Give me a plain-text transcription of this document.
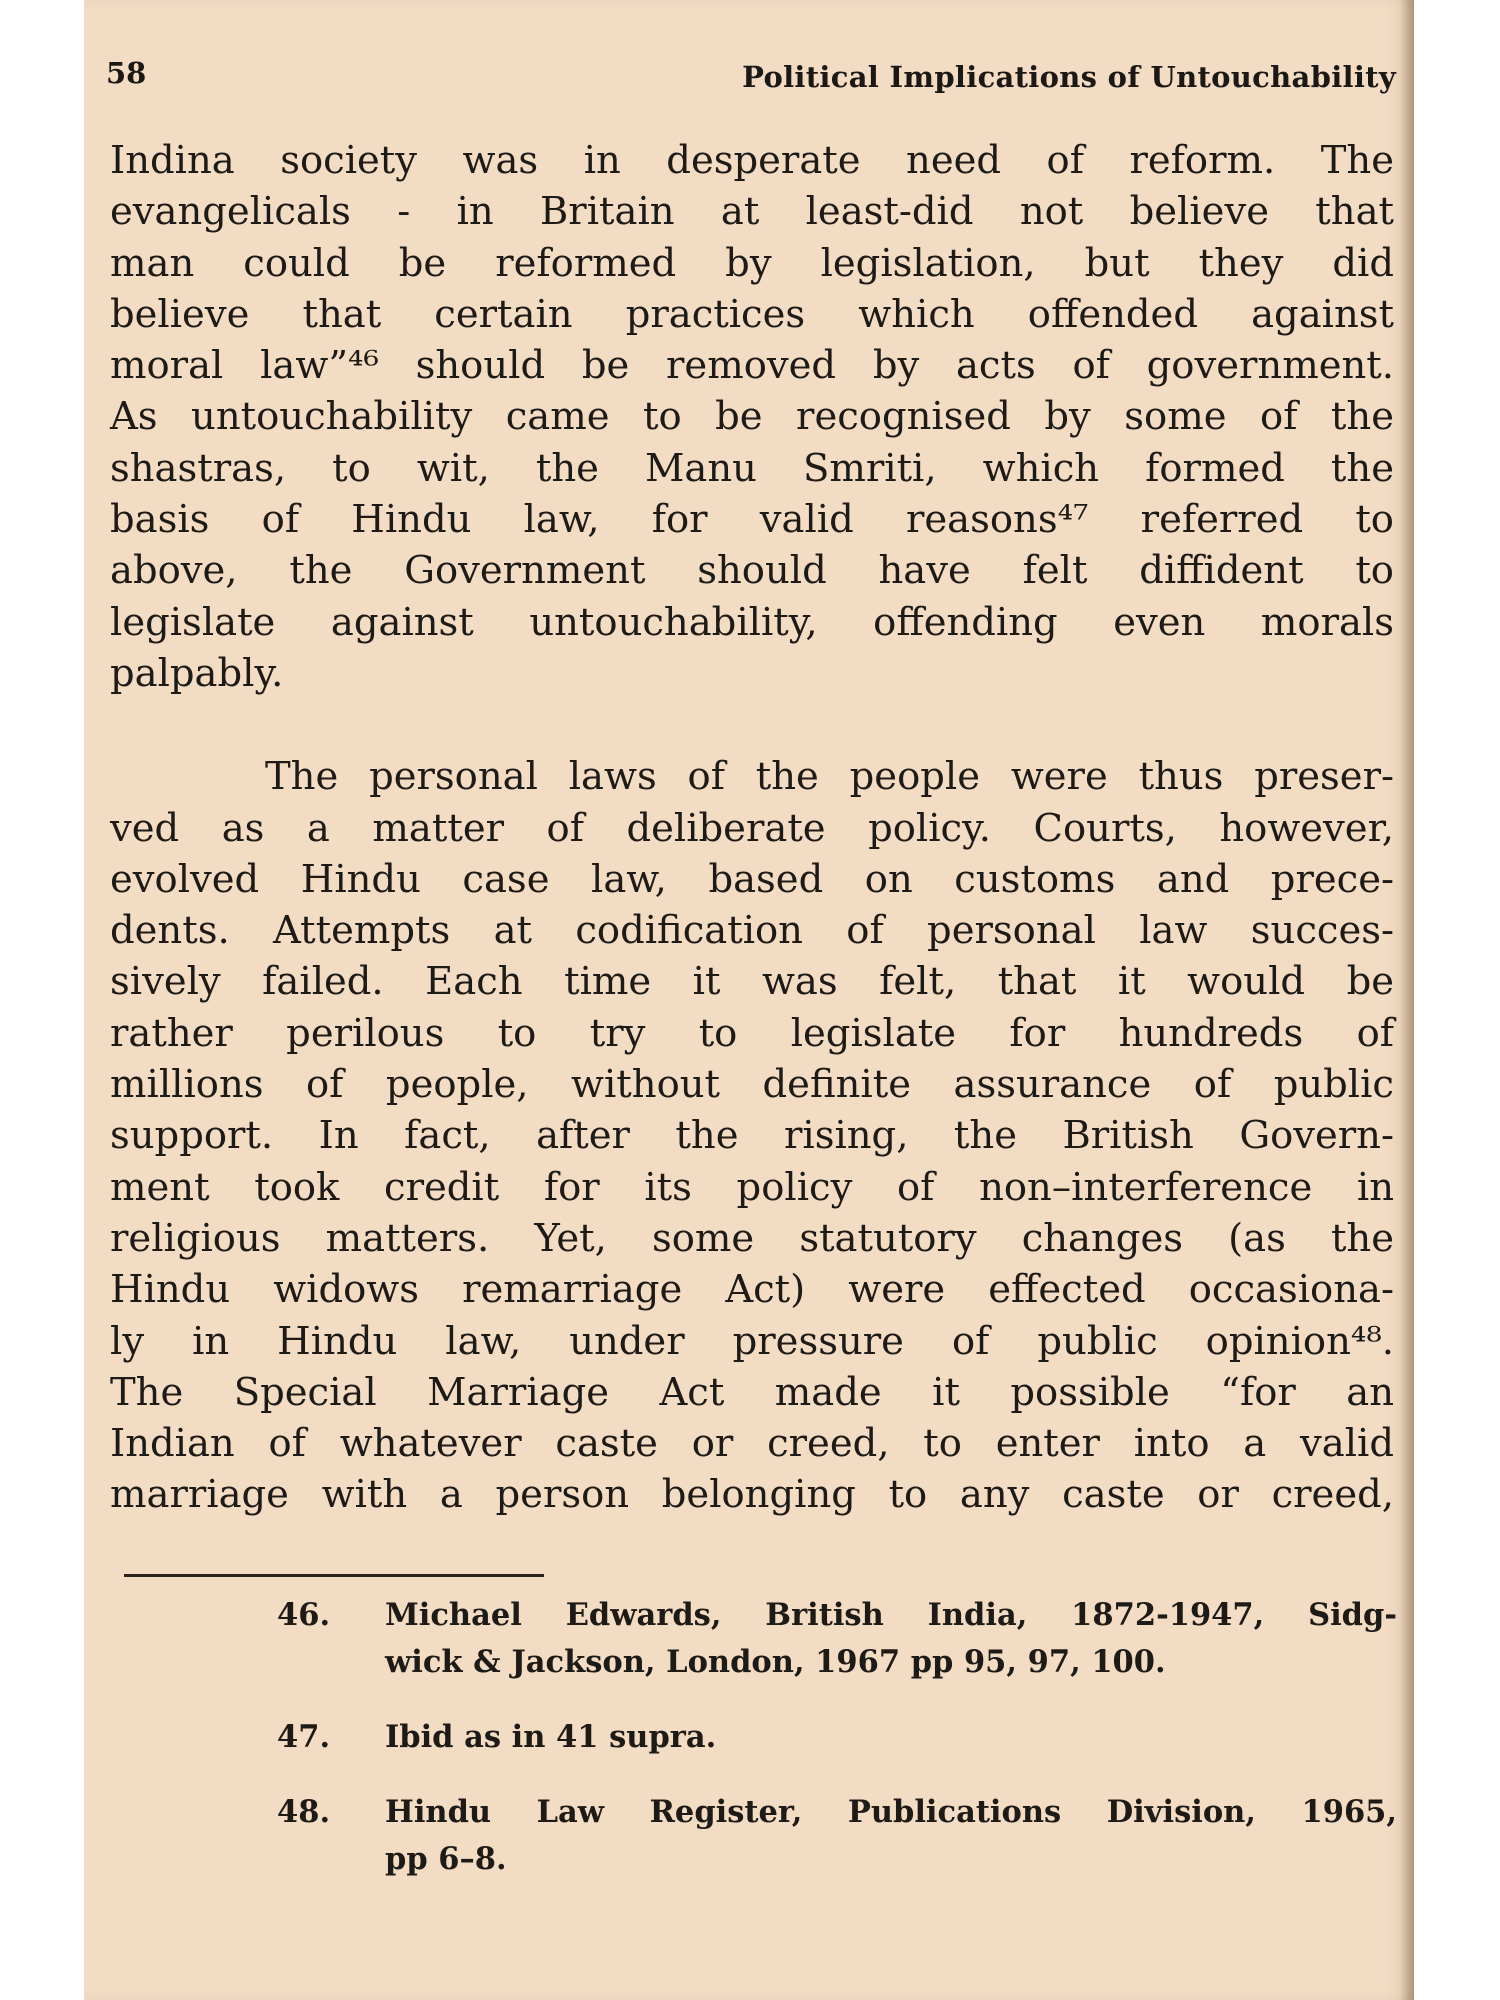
58	Political Implications of Untouchability

Indina society was in desperate need of reform. The
evangelicals - in Britain at least-did not believe that
man could be reformed by legislation, but they did
believe that certain practices which offended against
moral law”⁴⁶ should be removed by acts of government.
As untouchability came to be recognised by some of the
shastras, to wit, the Manu Smriti, which formed the
basis of Hindu law, for valid reasons⁴⁷ referred to
above, the Government should have felt diffident to
legislate against untouchability, offending even morals
palpably.

The personal laws of the people were thus preser-
ved as a matter of deliberate policy. Courts, however,
evolved Hindu case law, based on customs and prece-
dents. Attempts at codification of personal law succes-
sively failed. Each time it was felt, that it would be
rather perilous to try to legislate for hundreds of
millions of people, without definite assurance of public
support. In fact, after the rising, the British Govern-
ment took credit for its policy of non–interference in
religious matters. Yet, some statutory changes (as the
Hindu widows remarriage Act) were effected occasiona-
ly in Hindu law, under pressure of public opinion⁴⁸.
The Special Marriage Act made it possible “for an
Indian of whatever caste or creed, to enter into a valid
marriage with a person belonging to any caste or creed,

46. Michael Edwards, British India, 1872-1947, Sidg-
wick & Jackson, London, 1967 pp 95, 97, 100.
47. Ibid as in 41 supra.
48. Hindu Law Register, Publications Division, 1965,
pp 6–8.
